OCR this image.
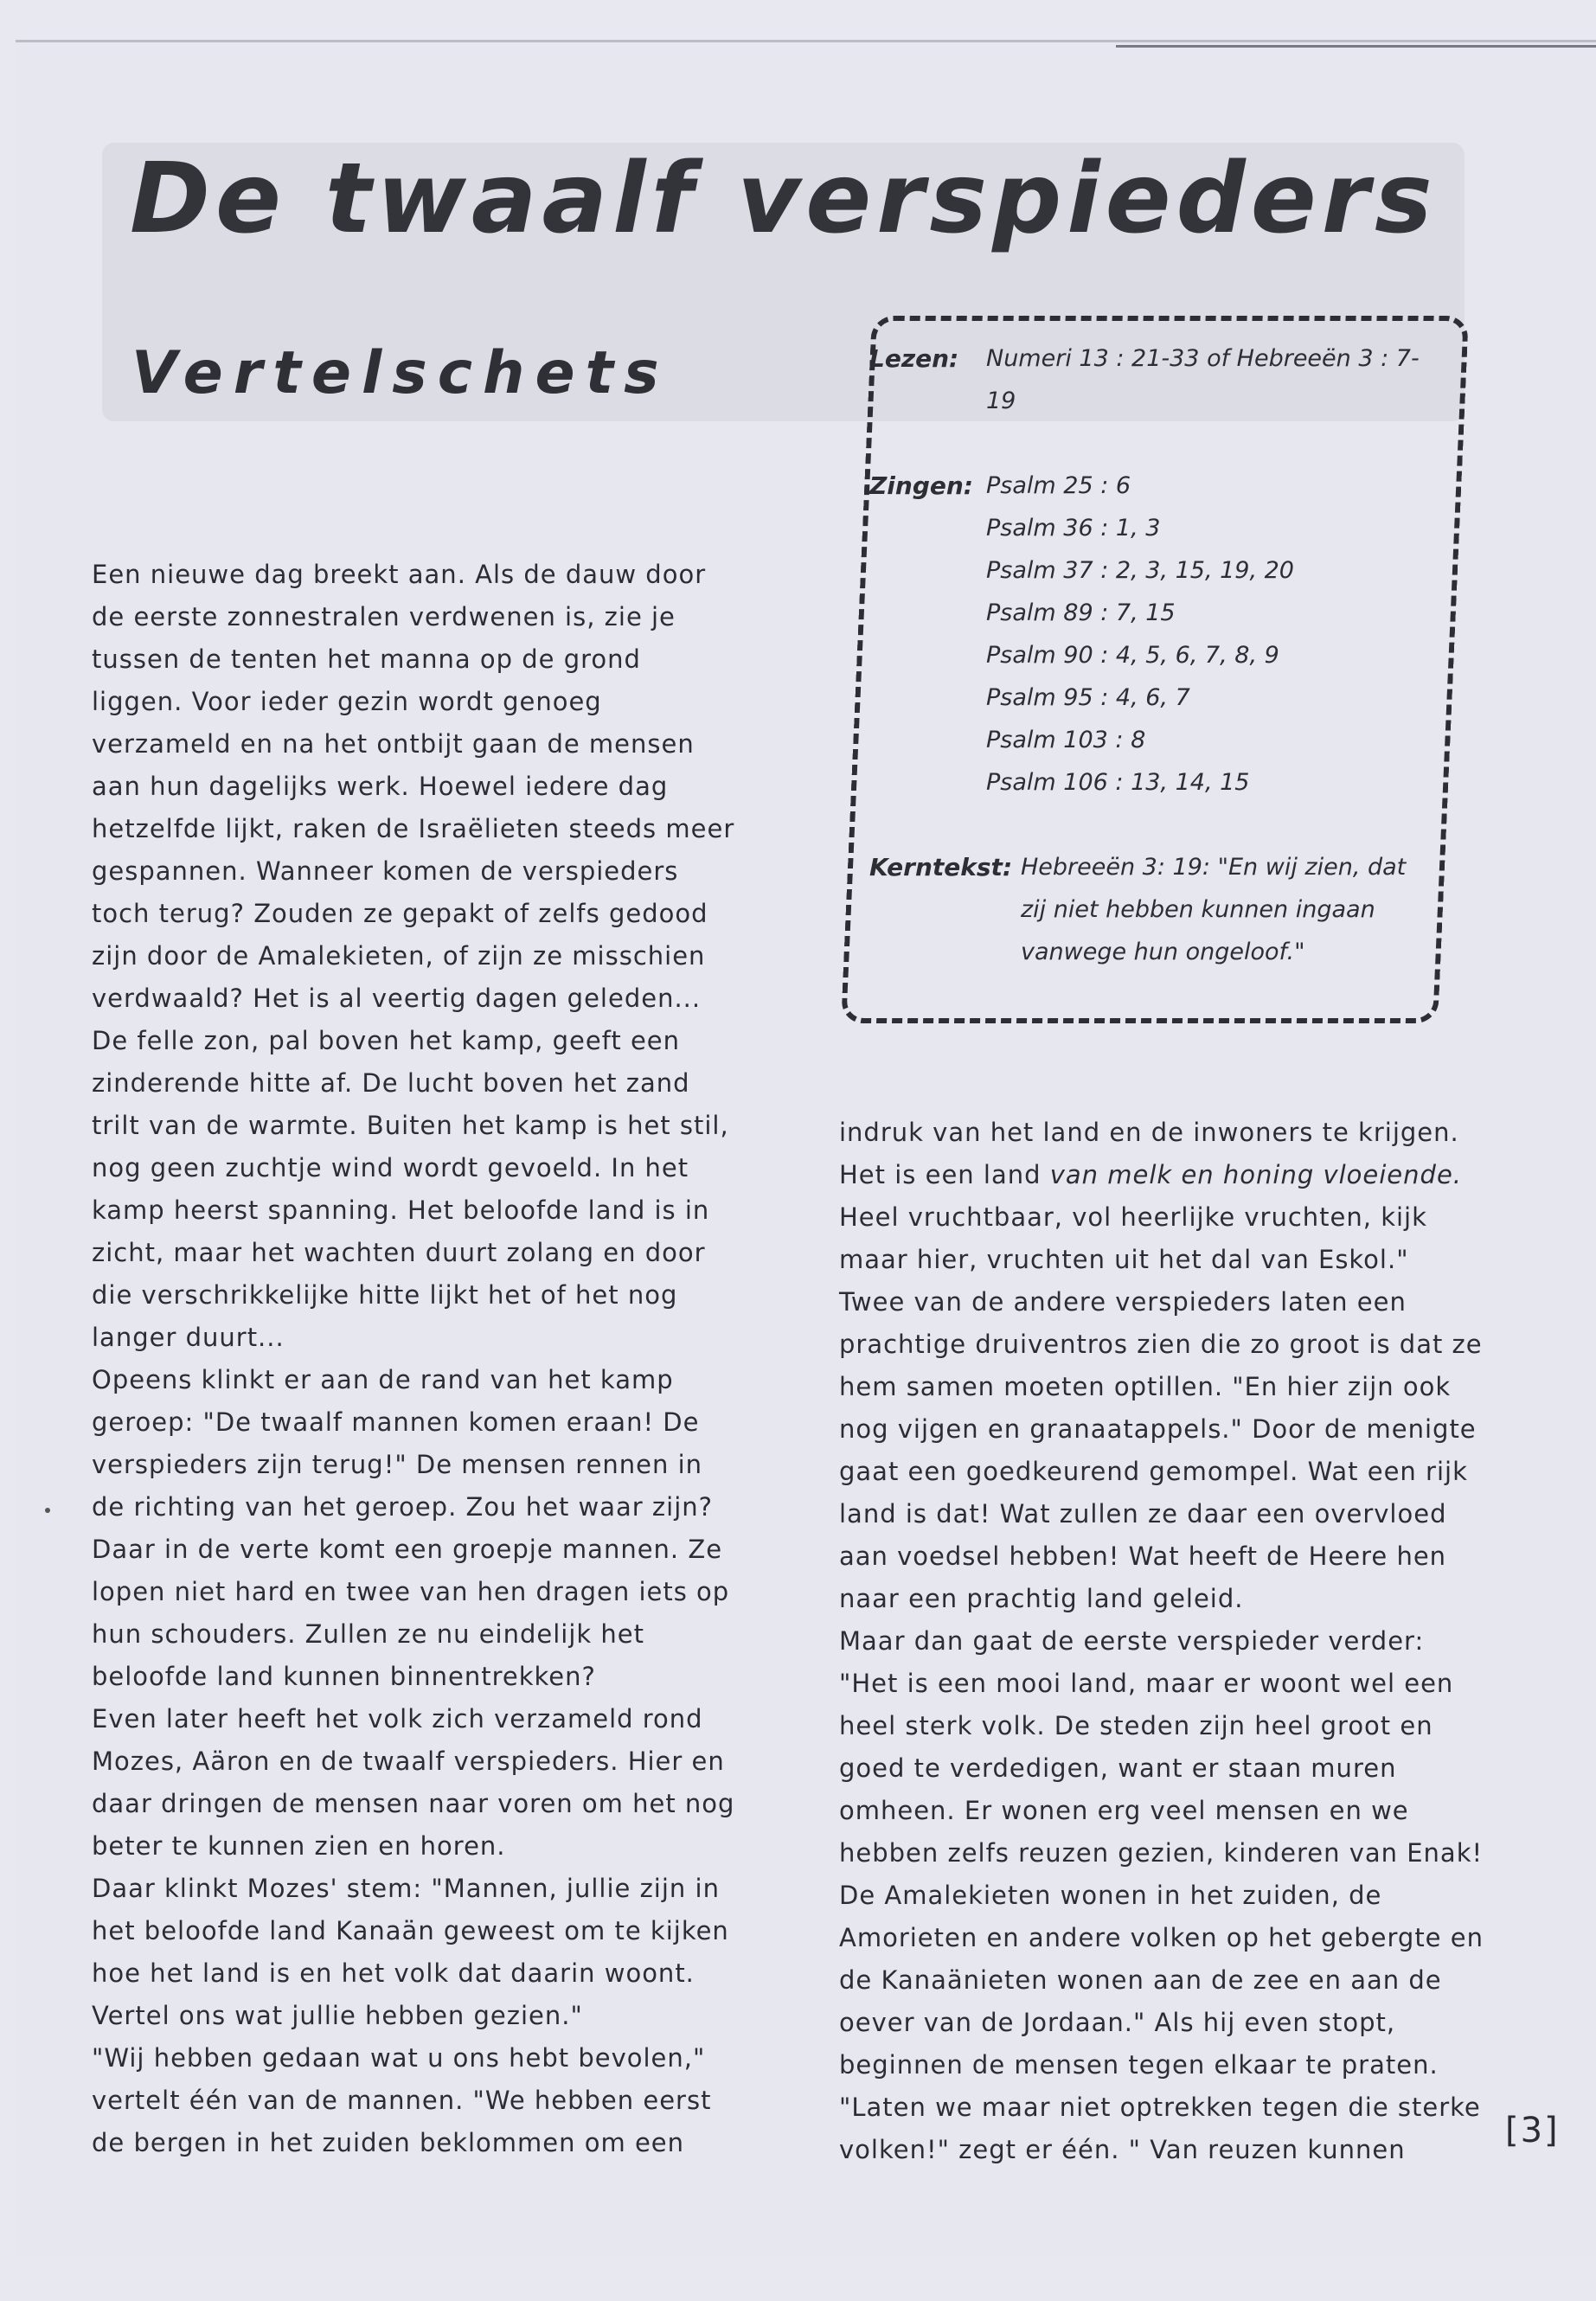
De twaalf verspieders
Vertelschets	Lezen:	Numeri 13 : 21-33 of Hebreeën 3 : 7-19
Zingen: Psalm 25 : 6
Psalm 36 : 1, 3
Psalm 37 : 2, 3, 15, 19, 20
Psalm 89 : 7, 15
Psalm 90 : 4, 5, 6, 7, 8, 9
Psalm 95 : 4, 6, 7
Psalm 103 : 8
Psalm 106 : 13, 14, 15
Kerntekst: Hebreeën 3: 19: "En wij zien, dat zij niet hebben kunnen ingaan vanwege hun ongeloof."

Een nieuwe dag breekt aan. Als de dauw door de eerste zonnestralen verdwenen is, zie je tussen de tenten het manna op de grond liggen. Voor ieder gezin wordt genoeg verzameld en na het ontbijt gaan de mensen aan hun dagelijks werk. Hoewel iedere dag hetzelfde lijkt, raken de Israëlieten steeds meer gespannen. Wanneer komen de verspieders toch terug? Zouden ze gepakt of zelfs gedood zijn door de Amalekieten, of zijn ze misschien verdwaald? Het is al veertig dagen geleden...

De felle zon, pal boven het kamp, geeft een zinderende hitte af. De lucht boven het zand trilt van de warmte. Buiten het kamp is het stil, nog geen zuchtje wind wordt gevoeld. In het kamp heerst spanning. Het beloofde land is in zicht, maar het wachten duurt zolang en door die verschrikkelijke hitte lijkt het of het nog langer duurt...

Opeens klinkt er aan de rand van het kamp geroep: "De twaalf mannen komen eraan! De verspieders zijn terug!" De mensen rennen in de richting van het geroep. Zou het waar zijn? Daar in de verte komt een groepje mannen. Ze lopen niet hard en twee van hen dragen iets op hun schouders. Zullen ze nu eindelijk het beloofde land kunnen binnentrekken?

Even later heeft het volk zich verzameld rond Mozes, Aäron en de twaalf verspieders. Hier en daar dringen de mensen naar voren om het nog beter te kunnen zien en horen.

Daar klinkt Mozes' stem: "Mannen, jullie zijn in het beloofde land Kanaän geweest om te kijken hoe het land is en het volk dat daarin woont. Vertel ons wat jullie hebben gezien."

"Wij hebben gedaan wat u ons hebt bevolen," vertelt één van de mannen. "We hebben eerst de bergen in het zuiden beklommen om een

indruk van het land en de inwoners te krijgen. Het is een land van melk en honing vloeiende. Heel vruchtbaar, vol heerlijke vruchten, kijk maar hier, vruchten uit het dal van Eskol." Twee van de andere verspieders laten een prachtige druiventros zien die zo groot is dat ze hem samen moeten optillen. "En hier zijn ook nog vijgen en granaatappels." Door de menigte gaat een goedkeurend gemompel. Wat een rijk land is dat! Wat zullen ze daar een overvloed aan voedsel hebben! Wat heeft de Heere hen naar een prachtig land geleid.

Maar dan gaat de eerste verspieder verder: "Het is een mooi land, maar er woont wel een heel sterk volk. De steden zijn heel groot en goed te verdedigen, want er staan muren omheen. Er wonen erg veel mensen en we hebben zelfs reuzen gezien, kinderen van Enak! De Amalekieten wonen in het zuiden, de Amorieten en andere volken op het gebergte en de Kanaänieten wonen aan de zee en aan de oever van de Jordaan." Als hij even stopt, beginnen de mensen tegen elkaar te praten. "Laten we maar niet optrekken tegen die sterke volken!" zegt er één. " Van reuzen kunnen	[3]
